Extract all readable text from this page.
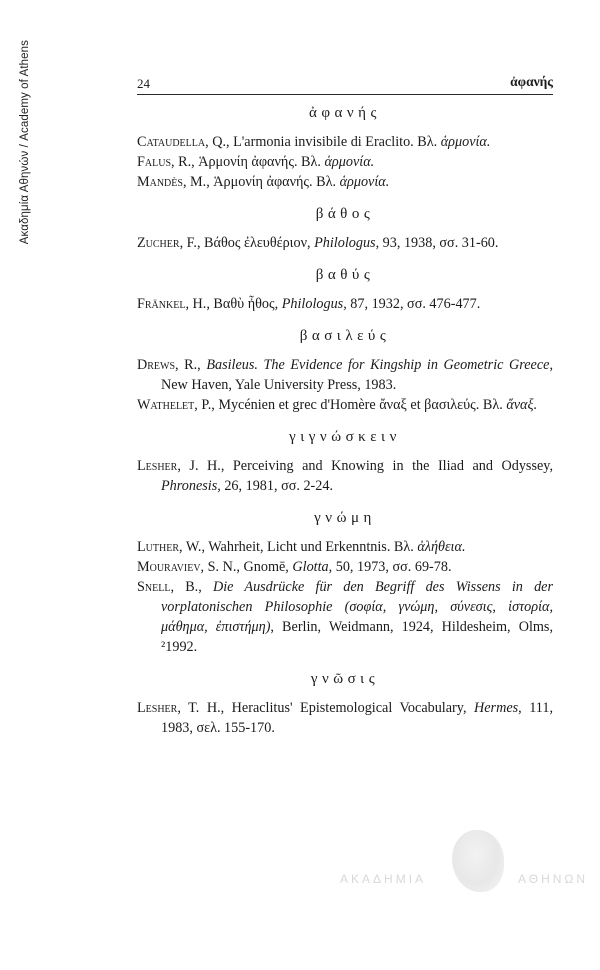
Ακαδημία Αθηνών / Academy of Athens	24	ἀφανής
ἀφανής
Cataudella, Q., L'armonia invisibile di Eraclito. Βλ. ἁρμονία.
Falus, R., Ἁρμονίη ἀφανής. Βλ. ἁρμονία.
Mandès, M., Ἁρμονίη ἀφανής. Βλ. ἁρμονία.
βάθος
Zucher, F., Βάθος ἐλευθέριον, Philologus, 93, 1938, σσ. 31-60.
βαθύς
Fränkel, H., Βαθὺ ἦθος, Philologus, 87, 1932, σσ. 476-477.
βασιλεύς
Drews, R., Basileus. The Evidence for Kingship in Geometric Greece, New Haven, Yale University Press, 1983.
Wathelet, P., Mycénien et grec d'Homère ἄναξ et βασιλεύς. Βλ. ἄναξ.
γιγνώσκειν
Lesher, J. H., Perceiving and Knowing in the Iliad and Odyssey, Phronesis, 26, 1981, σσ. 2-24.
γνώμη
Luther, W., Wahrheit, Licht und Erkenntnis. Βλ. ἀλήθεια.
Mouraviev, S. N., Gnomē, Glotta, 50, 1973, σσ. 69-78.
Snell, B., Die Ausdrücke für den Begriff des Wissens in der vorplatonischen Philosophie (σοφία, γνώμη, σύνεσις, ἱστορία, μάθημα, ἐπιστήμη), Berlin, Weidmann, 1924, Hildesheim, Olms, ²1992.
γνῶσις
Lesher, T. H., Heraclitus' Epistemological Vocabulary, Hermes, 111, 1983, σελ. 155-170.
ΑΚΑΔΗΜΙΑ	ΑΘΗΝΩΝ
